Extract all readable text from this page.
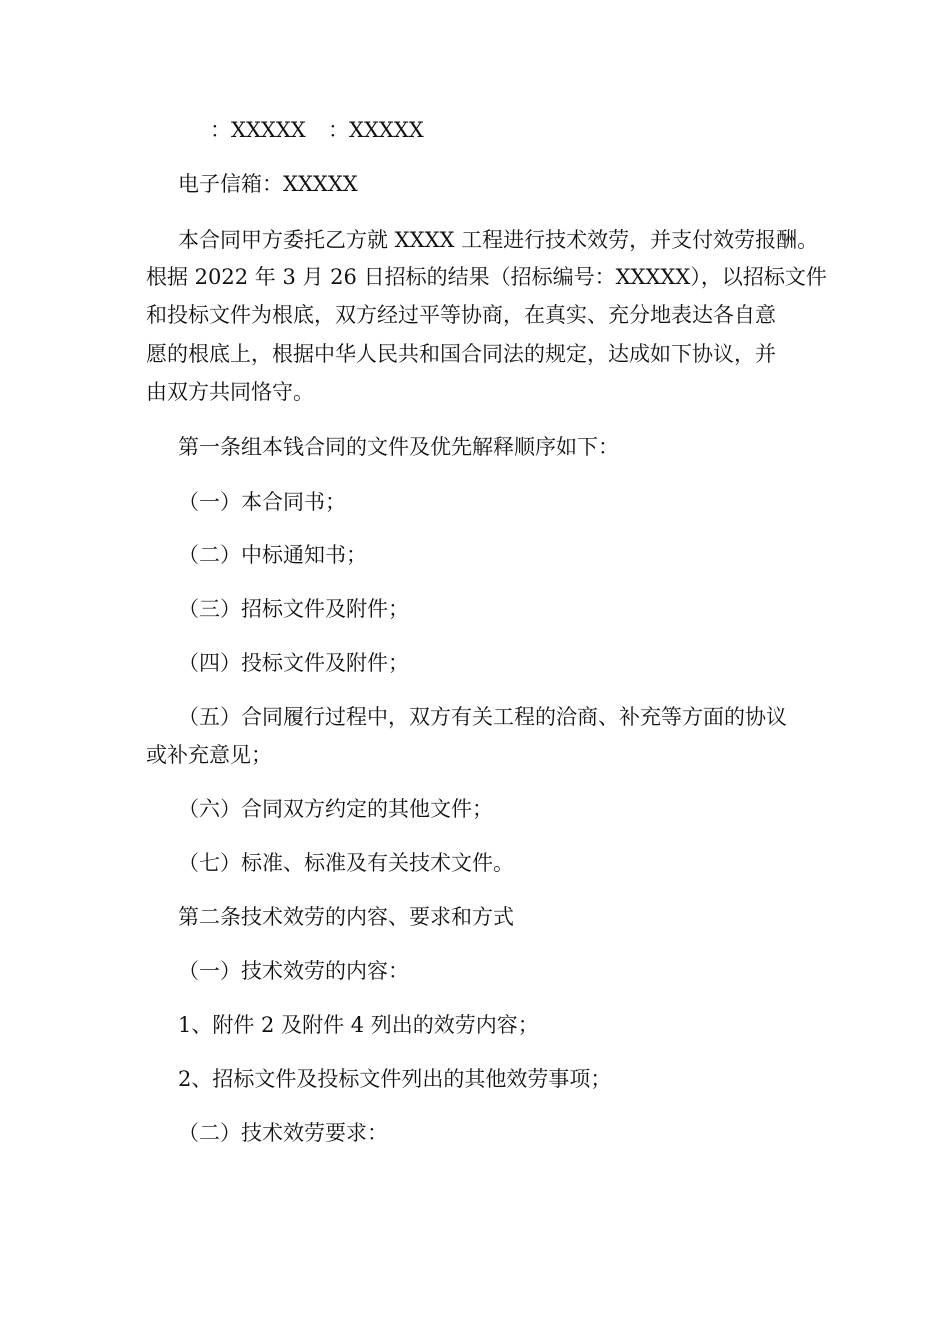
：XXXXX ：XXXXX
电子信箱：XXXXX
本合同甲方委托乙方就 XXXX 工程进行技术效劳，并支付效劳报酬。
根据 2022 年 3 月 26 日招标的结果（招标编号：XXXXX），以招标文件
和投标文件为根底，双方经过平等协商，在真实、充分地表达各自意
愿的根底上，根据中华人民共和国合同法的规定，达成如下协议，并
由双方共同恪守。
第一条组本钱合同的文件及优先解释顺序如下：
（一）本合同书；
（二）中标通知书；
（三）招标文件及附件；
（四）投标文件及附件；
（五）合同履行过程中，双方有关工程的洽商、补充等方面的协议
或补充意见；
（六）合同双方约定的其他文件；
（七）标准、标准及有关技术文件。
第二条技术效劳的内容、要求和方式
（一）技术效劳的内容：
1、附件 2 及附件 4 列出的效劳内容；
2、招标文件及投标文件列出的其他效劳事项；
（二）技术效劳要求：
